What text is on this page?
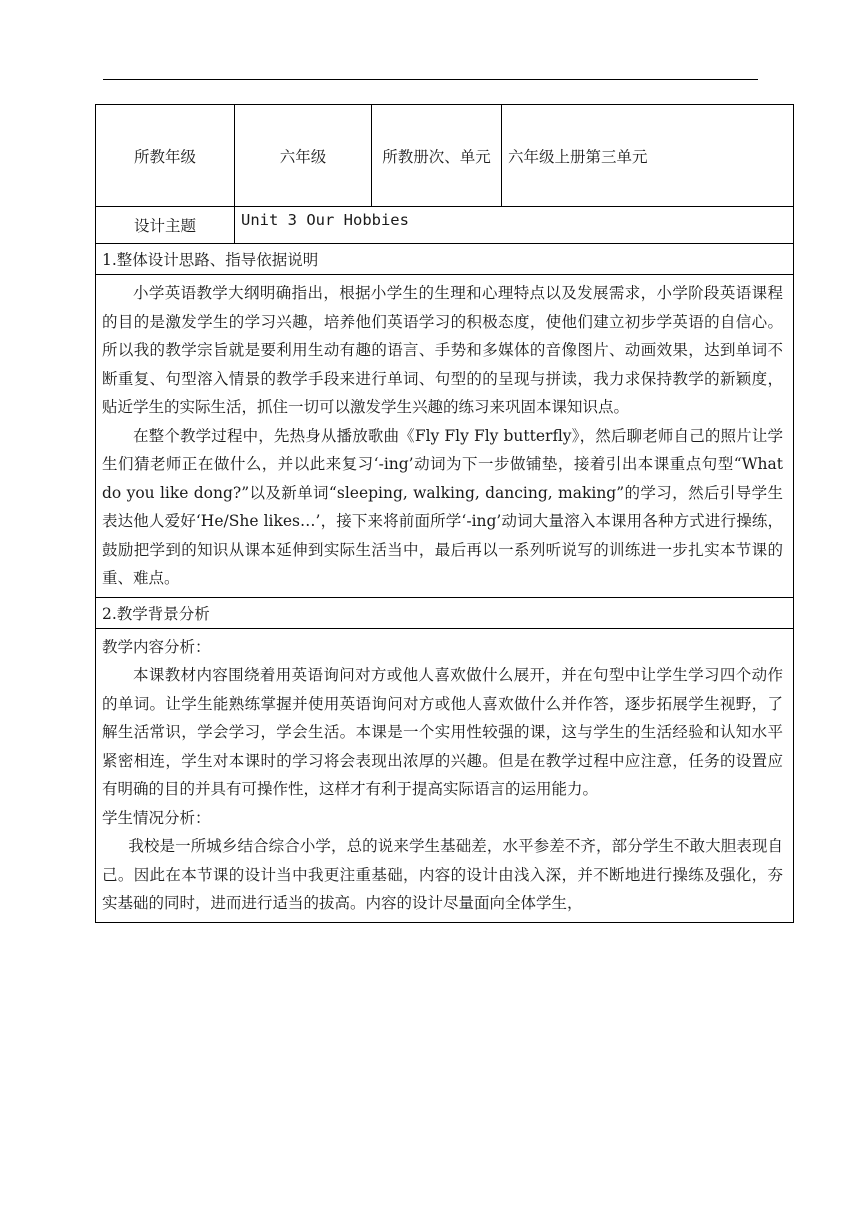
所教年级	六年级	所教册次、单元	六年级上册第三单元
设计主题	Unit 3 Our Hobbies		
1.整体设计思路、指导依据说明			

小学英语教学大纲明确指出，根据小学生的生理和心理特点以及发展需求，小学阶段英语课程的目的是激发学生的学习兴趣，培养他们英语学习的积极态度，使他们建立初步学英语的自信心。所以我的教学宗旨就是要利用生动有趣的语言、手势和多媒体的音像图片、动画效果，达到单词不断重复、句型溶入情景的教学手段来进行单词、句型的的呈现与拼读，我力求保持教学的新颖度，贴近学生的实际生活，抓住一切可以激发学生兴趣的练习来巩固本课知识点。

在整个教学过程中，先热身从播放歌曲《Fly Fly Fly butterfly》，然后聊老师自己的照片让学生们猜老师正在做什么，并以此来复习‘-ing’动词为下一步做铺垫，接着引出本课重点句型“What do you like dong?”以及新单词“sleeping, walking, dancing, making”的学习，然后引导学生表达他人爱好‘He/She likes…’，接下来将前面所学‘-ing’动词大量溶入本课用各种方式进行操练，鼓励把学到的知识从课本延伸到实际生活当中，最后再以一系列听说写的训练进一步扎实本节课的重、难点。			

2.教学背景分析			

教学内容分析：

本课教材内容围绕着用英语询问对方或他人喜欢做什么展开，并在句型中让学生学习四个动作的单词。让学生能熟练掌握并使用英语询问对方或他人喜欢做什么并作答，逐步拓展学生视野，了解生活常识，学会学习，学会生活。本课是一个实用性较强的课，这与学生的生活经验和认知水平紧密相连，学生对本课时的学习将会表现出浓厚的兴趣。但是在教学过程中应注意，任务的设置应有明确的目的并具有可操作性，这样才有利于提高实际语言的运用能力。

学生情况分析：

我校是一所城乡结合综合小学，总的说来学生基础差，水平参差不齐，部分学生不敢大胆表现自己。因此在本节课的设计当中我更注重基础，内容的设计由浅入深，并不断地进行操练及强化，夯实基础的同时，进而进行适当的拔高。内容的设计尽量面向全体学生，			
